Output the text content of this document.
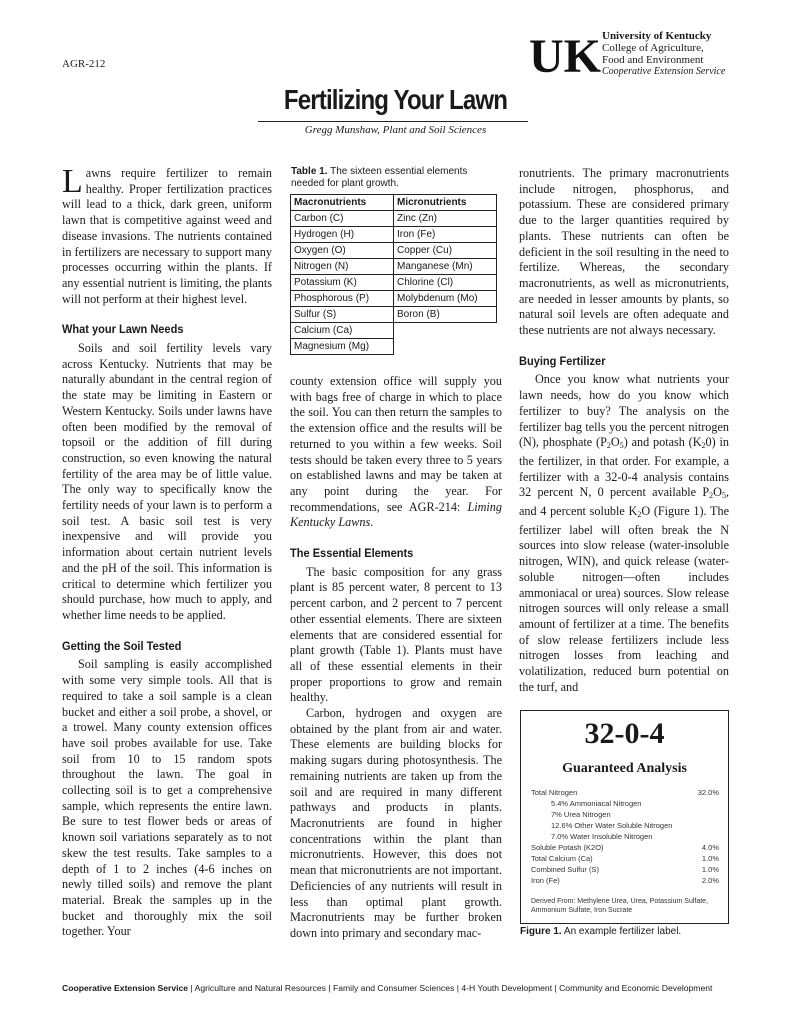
AGR-212	UK University of Kentucky
College of Agriculture,
Food and Environment
Cooperative Extension Service
Fertilizing Your Lawn
Gregg Munshaw, Plant and Soil Sciences

Lawns require fertilizer to remain healthy. Proper fertilization practices will lead to a thick, dark green, uniform lawn that is competitive against weed and disease invasions. The nutrients contained in fertilizers are necessary to support many processes occurring within the plants. If any essential nutrient is limiting, the plants will not perform at their highest level.

What your Lawn Needs

Soils and soil fertility levels vary across Kentucky. Nutrients that may be naturally abundant in the central region of the state may be limiting in Eastern or Western Kentucky. Soils under lawns have often been modified by the removal of topsoil or the addition of fill during construction, so even knowing the natural fertility of the area may be of little value. The only way to specifically know the fertility needs of your lawn is to perform a soil test. A basic soil test is very inexpensive and will provide you information about certain nutrient levels and the pH of the soil. This information is critical to determine which fertilizer you should purchase, how much to apply, and whether lime needs to be applied.

Getting the Soil Tested

Soil sampling is easily accomplished with some very simple tools. All that is required to take a soil sample is a clean bucket and either a soil probe, a shovel, or a trowel. Many county extension offices have soil probes available for use. Take soil from 10 to 15 random spots throughout the lawn. The goal in collecting soil is to get a comprehensive sample, which represents the entire lawn. Be sure to test flower beds or areas of known soil variations separately as to not skew the test results. Take samples to a depth of 1 to 2 inches (4-6 inches on newly tilled soils) and remove the plant material. Break the samples up in the bucket and thoroughly mix the soil together. Your

Table 1. The sixteen essential elements needed for plant growth.
Macronutrients	Micronutrients
Carbon (C)	Zinc (Zn)
Hydrogen (H)	Iron (Fe)
Oxygen (O)	Copper (Cu)
Nitrogen (N)	Manganese (Mn)
Potassium (K)	Chlorine (Cl)
Phosphorous (P)	Molybdenum (Mo)
Sulfur (S)	Boron (B)
Calcium (Ca)	
Magnesium (Mg)	

county extension office will supply you with bags free of charge in which to place the soil. You can then return the samples to the extension office and the results will be returned to you within a few weeks. Soil tests should be taken every three to 5 years on established lawns and may be taken at any point during the year. For recommendations, see AGR-214: Liming Kentucky Lawns.

The Essential Elements

The basic composition for any grass plant is 85 percent water, 8 percent to 13 percent carbon, and 2 percent to 7 percent other essential elements. There are sixteen elements that are considered essential for plant growth (Table 1). Plants must have all of these essential elements in their proper proportions to grow and remain healthy.

Carbon, hydrogen and oxygen are obtained by the plant from air and water. These elements are building blocks for making sugars during photosynthesis. The remaining nutrients are taken up from the soil and are required in many different pathways and products in plants. Macronutrients are found in higher concentrations within the plant than micronutrients. However, this does not mean that micronutrients are not important. Deficiencies of any nutrients will result in less than optimal plant growth. Macronutrients may be further broken down into primary and secondary mac-

ronutrients. The primary macronutrients include nitrogen, phosphorus, and potassium. These are considered primary due to the larger quantities required by plants. These nutrients can often be deficient in the soil resulting in the need to fertilize. Whereas, the secondary macronutrients, as well as micronutrients, are needed in lesser amounts by plants, so natural soil levels are often adequate and these nutrients are not always necessary.

Buying Fertilizer

Once you know what nutrients your lawn needs, how do you know which fertilizer to buy? The analysis on the fertilizer bag tells you the percent nitrogen (N), phosphate $(P_2O_5)$ and potash $(K_20)$ in the fertilizer, in that order. For example, a fertilizer with a 32-0-4 analysis contains 32 percent N, 0 percent available $P_2O_5$, and 4 percent soluble $K_2O$ (Figure 1). The fertilizer label will often break the N sources into slow release (water-insoluble nitrogen, WIN), and quick release (water-soluble nitrogen—often includes ammoniacal or urea) sources. Slow release nitrogen sources will only release a small amount of fertilizer at a time. The benefits of slow release fertilizers include less nitrogen losses from leaching and volatilization, reduced burn potential on the turf, and

32-0-4
Guaranteed Analysis
Total Nitrogen	32.0%
5.4% Ammoniacal Nitrogen
7% Urea Nitrogen
12.6% Other Water Soluble Nitrogen
7.0% Water Insoluble Nitrogen
Soluble Potash (K2O)	4.0%
Total Calcium (Ca)	1.0%
Combined Sulfur (S)	1.0%
Iron (Fe)	2.0%
Derived From: Methylene Urea, Urea, Potassium Sulfate, Ammonium Sulfate, Iron Sucrate
Figure 1. An example fertilizer label.
Cooperative Extension Service | Agriculture and Natural Resources | Family and Consumer Sciences | 4-H Youth Development | Community and Economic Development
